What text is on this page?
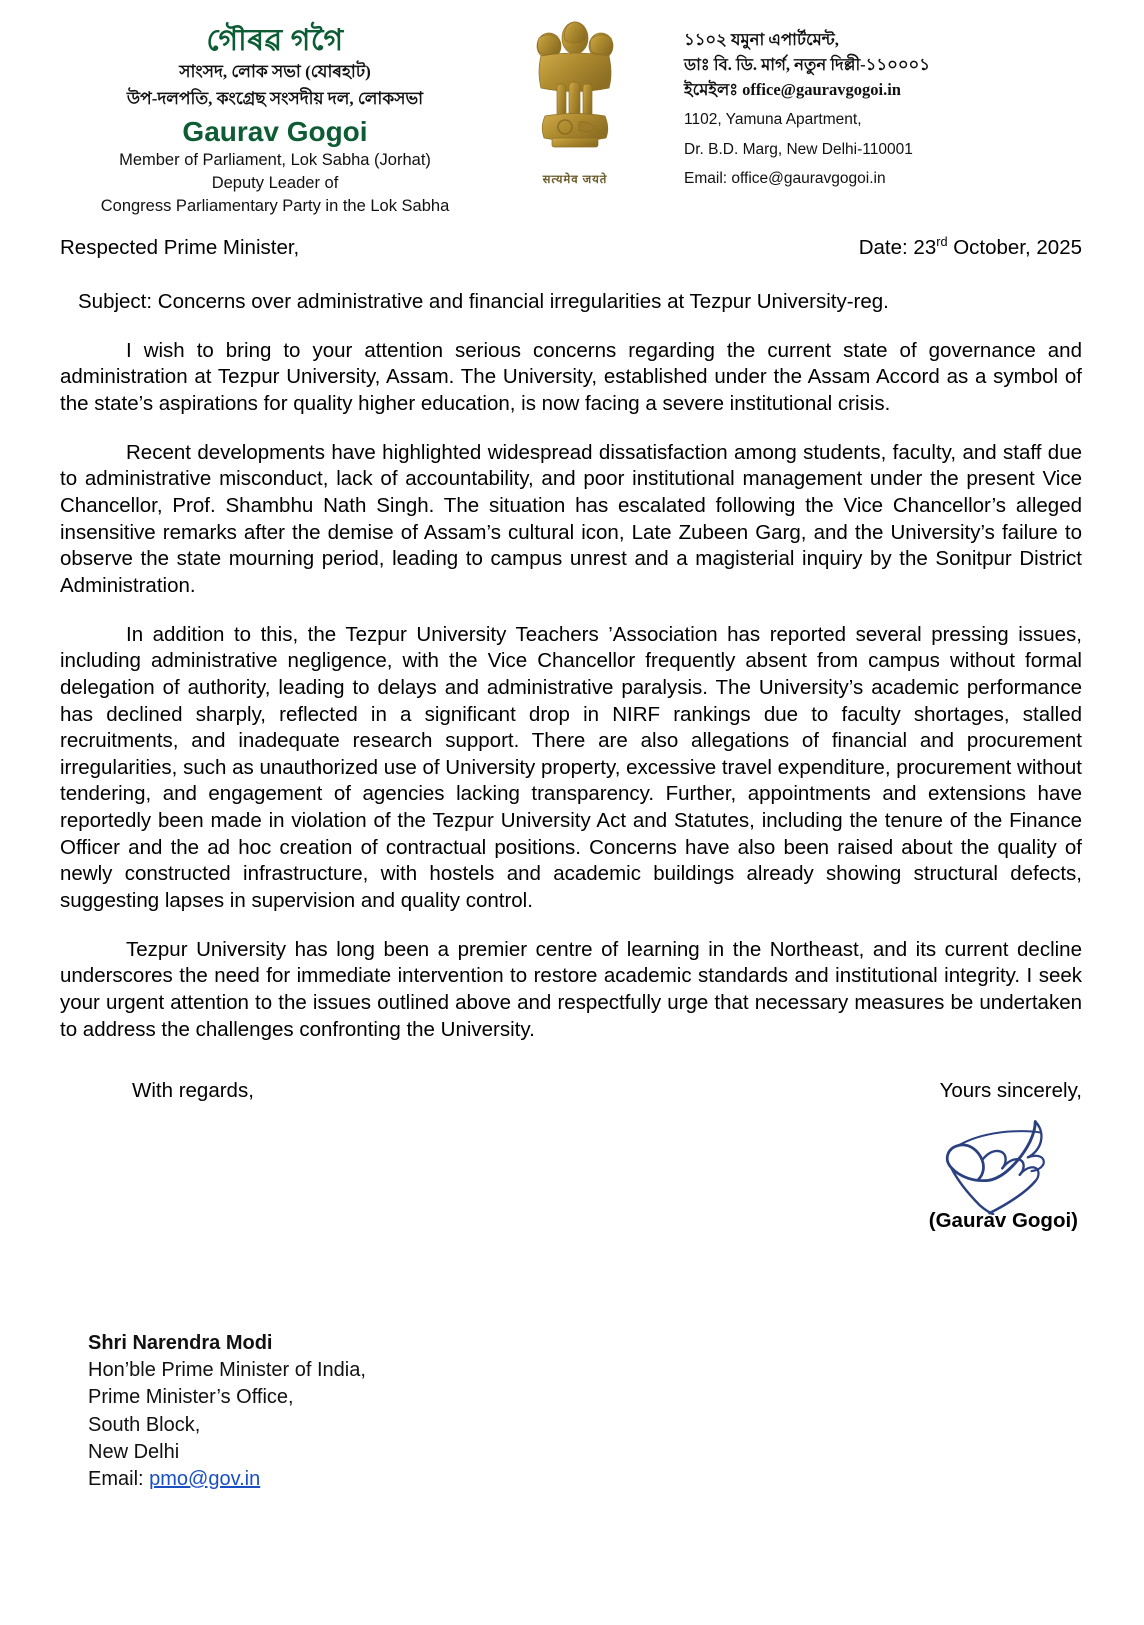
গৌৰৱ গগৈ
সাংসদ, লোক সভা (যোৰহাট)
উপ-দলপতি, কংগ্ৰেছ সংসদীয় দল, লোকসভা
Gaurav Gogoi
Member of Parliament, Lok Sabha (Jorhat)
Deputy Leader of
Congress Parliamentary Party in the Lok Sabha
सत्यमेव जयते
১১০২ যমুনা এপার্টমেন্ট,
ডাঃ বি. ডি. মার্গ, নতুন দিল্লী-১১০০০১
ইমেইলঃ office@gauravgogoi.in
1102, Yamuna Apartment,
Dr. B.D. Marg, New Delhi-110001
Email: office@gauravgogoi.in
Respected Prime Minister,	Date: 23rd October, 2025
Subject: Concerns over administrative and financial irregularities at Tezpur University-reg.

I wish to bring to your attention serious concerns regarding the current state of governance and administration at Tezpur University, Assam. The University, established under the Assam Accord as a symbol of the state’s aspirations for quality higher education, is now facing a severe institutional crisis.

Recent developments have highlighted widespread dissatisfaction among students, faculty, and staff due to administrative misconduct, lack of accountability, and poor institutional management under the present Vice Chancellor, Prof. Shambhu Nath Singh. The situation has escalated following the Vice Chancellor’s alleged insensitive remarks after the demise of Assam’s cultural icon, Late Zubeen Garg, and the University’s failure to observe the state mourning period, leading to campus unrest and a magisterial inquiry by the Sonitpur District Administration.

In addition to this, the Tezpur University Teachers ’Association has reported several pressing issues, including administrative negligence, with the Vice Chancellor frequently absent from campus without formal delegation of authority, leading to delays and administrative paralysis. The University’s academic performance has declined sharply, reflected in a significant drop in NIRF rankings due to faculty shortages, stalled recruitments, and inadequate research support. There are also allegations of financial and procurement irregularities, such as unauthorized use of University property, excessive travel expenditure, procurement without tendering, and engagement of agencies lacking transparency. Further, appointments and extensions have reportedly been made in violation of the Tezpur University Act and Statutes, including the tenure of the Finance Officer and the ad hoc creation of contractual positions. Concerns have also been raised about the quality of newly constructed infrastructure, with hostels and academic buildings already showing structural defects, suggesting lapses in supervision and quality control.

Tezpur University has long been a premier centre of learning in the Northeast, and its current decline underscores the need for immediate intervention to restore academic standards and institutional integrity. I seek your urgent attention to the issues outlined above and respectfully urge that necessary measures be undertaken to address the challenges confronting the University.

With regards,	Yours sincerely,
(Gaurav Gogoi)
Shri Narendra Modi
Hon’ble Prime Minister of India,
Prime Minister’s Office,
South Block,
New Delhi
Email: pmo@gov.in
